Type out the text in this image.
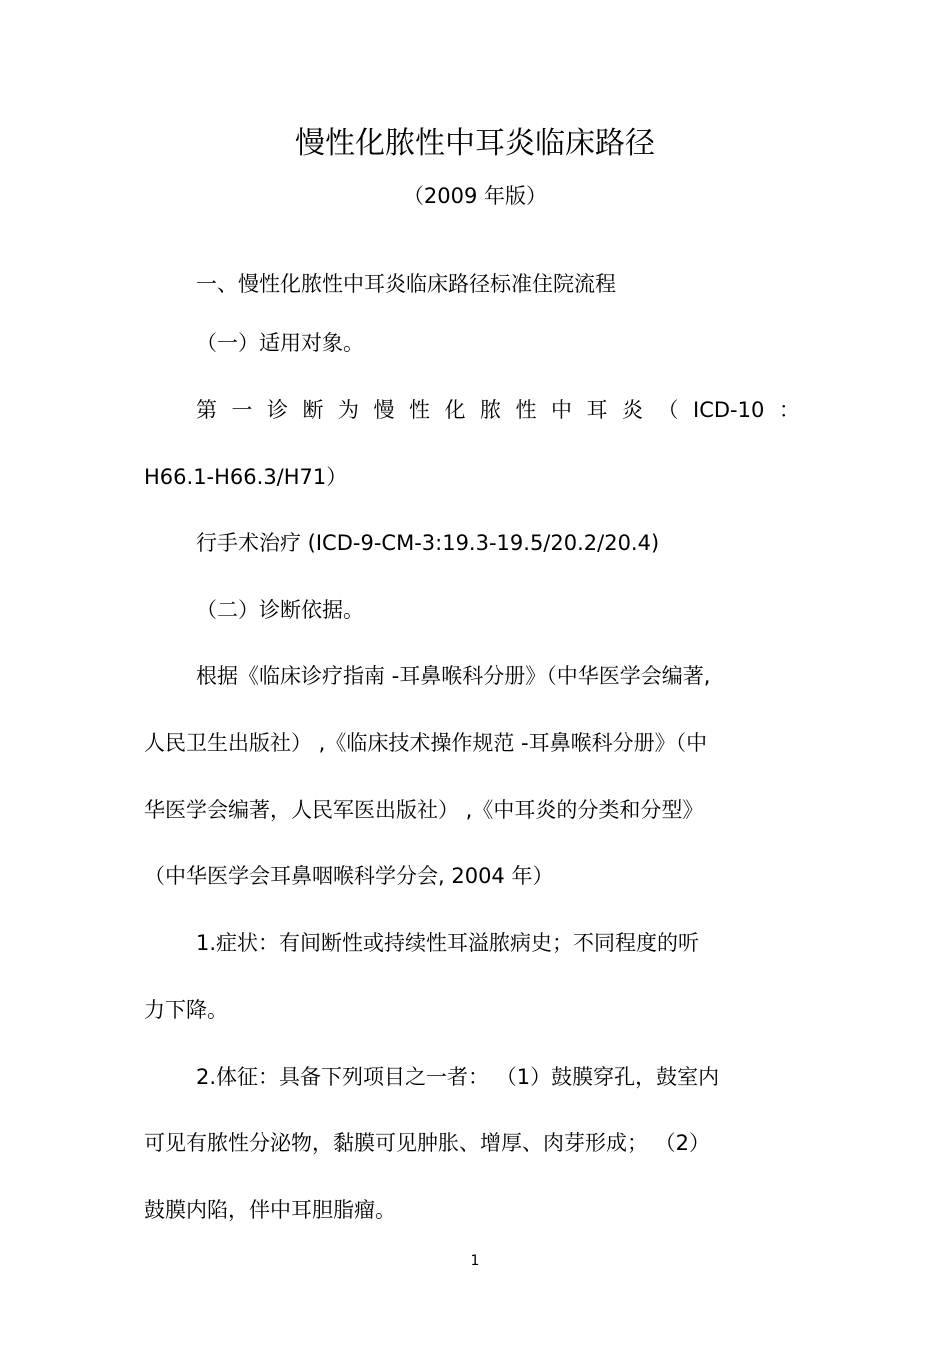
慢性化脓性中耳炎临床路径
（2009 年版）
一、慢性化脓性中耳炎临床路径标准住院流程
（一）适用对象。
第 一 诊 断 为 慢 性 化 脓 性 中 耳 炎 （ ICD-10 ：
H66.1-H66.3/H71）
行手术治疗 (ICD-9-CM-3:19.3-19.5/20.2/20.4)
（二）诊断依据。
根据《临床诊疗指南 -耳鼻喉科分册》（中华医学会编著,
人民卫生出版社） ,《临床技术操作规范 -耳鼻喉科分册》（中
华医学会编著，人民军医出版社） ,《中耳炎的分类和分型》
（中华医学会耳鼻咽喉科学分会, 2004 年）
1.症状：有间断性或持续性耳溢脓病史；不同程度的听
力下降。
2.体征：具备下列项目之一者： （1）鼓膜穿孔，鼓室内
可见有脓性分泌物，黏膜可见肿胀、增厚、肉芽形成； （2）
鼓膜内陷，伴中耳胆脂瘤。
1
